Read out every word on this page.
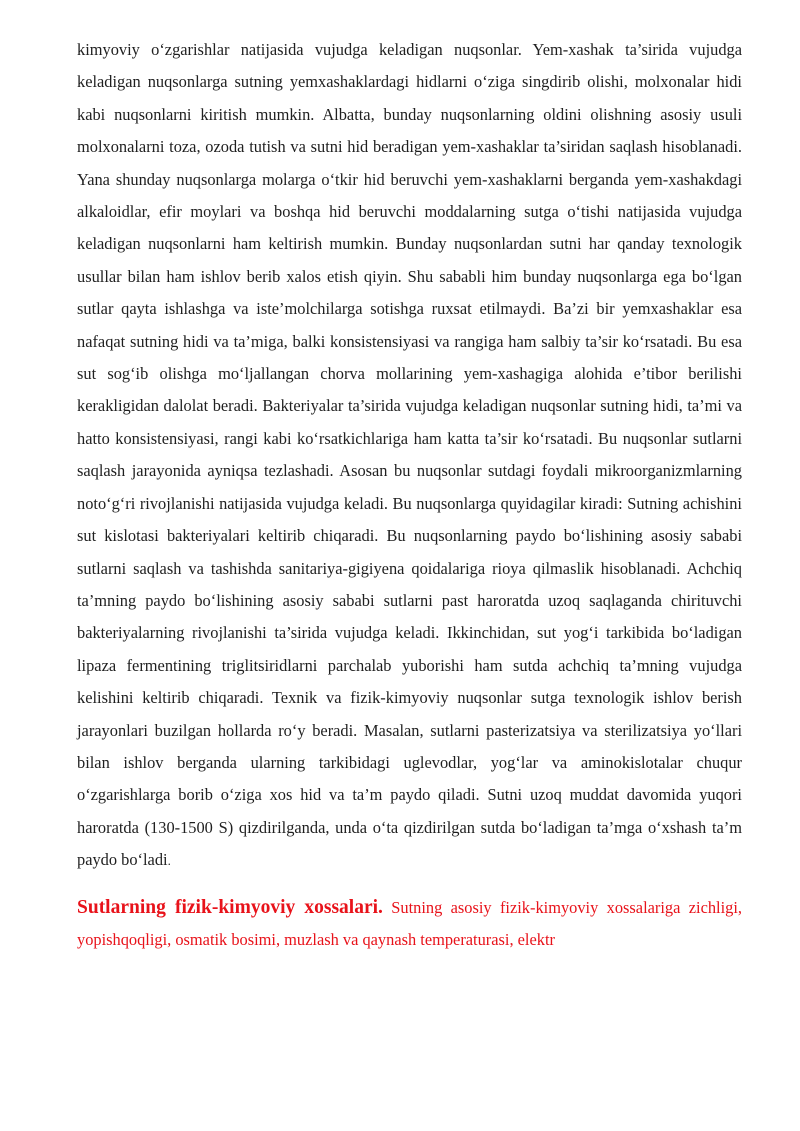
kimyoviy o‘zgarishlar natijasida vujudga keladigan nuqsonlar. Yem-xashak ta’sirida vujudga keladigan nuqsonlarga sutning yemxashaklardagi hidlarni o‘ziga singdirib olishi, molxonalar hidi kabi nuqsonlarni kiritish mumkin. Albatta, bunday nuqsonlarning oldini olishning asosiy usuli molxonalarni toza, ozoda tutish va sutni hid beradigan yem-xashaklar ta’siridan saqlash hisoblanadi. Yana shunday nuqsonlarga molarga o‘tkir hid beruvchi yem-xashaklarni berganda yem-xashakdagi alkaloidlar, efir moylari va boshqa hid beruvchi moddalarning sutga o‘tishi natijasida vujudga keladigan nuqsonlarni ham keltirish mumkin. Bunday nuqsonlardan sutni har qanday texnologik usullar bilan ham ishlov berib xalos etish qiyin. Shu sababli him bunday nuqsonlarga ega bo‘lgan sutlar qayta ishlashga va iste’molchilarga sotishga ruxsat etilmaydi. Ba’zi bir yemxashaklar esa nafaqat sutning hidi va ta’miga, balki konsistensiyasi va rangiga ham salbiy ta’sir ko‘rsatadi. Bu esa sut sog‘ib olishga mo‘ljallangan chorva mollarining yem-xashagiga alohida e’tibor berilishi kerakligidan dalolat beradi. Bakteriyalar ta’sirida vujudga keladigan nuqsonlar sutning hidi, ta’mi va hatto konsistensiyasi, rangi kabi ko‘rsatkichlariga ham katta ta’sir ko‘rsatadi. Bu nuqsonlar sutlarni saqlash jarayonida ayniqsa tezlashadi. Asosan bu nuqsonlar sutdagi foydali mikroorganizmlarning noto‘g‘ri rivojlanishi natijasida vujudga keladi. Bu nuqsonlarga quyidagilar kiradi: Sutning achishini sut kislotasi bakteriyalari keltirib chiqaradi. Bu nuqsonlarning paydo bo‘lishining asosiy sababi sutlarni saqlash va tashishda sanitariya-gigiyena qoidalariga rioya qilmaslik hisoblanadi. Achchiq ta’mning paydo bo‘lishining asosiy sababi sutlarni past haroratda uzoq saqlaganda chirituvchi bakteriyalarning rivojlanishi ta’sirida vujudga keladi. Ikkinchidan, sut yog‘i tarkibida bo‘ladigan lipaza fermentining triglitsiridlarni parchalab yuborishi ham sutda achchiq ta’mning vujudga kelishini keltirib chiqaradi. Texnik va fizik-kimyoviy nuqsonlar sutga texnologik ishlov berish jarayonlari buzilgan hollarda ro‘y beradi. Masalan, sutlarni pasterizatsiya va sterilizatsiya yo‘llari bilan ishlov berganda ularning tarkibidagi uglevodlar, yog‘lar va aminokislotalar chuqur o‘zgarishlarga borib o‘ziga xos hid va ta’m paydo qiladi. Sutni uzoq muddat davomida yuqori haroratda (130-1500 S) qizdirilganda, unda o‘ta qizdirilgan sutda bo‘ladigan ta’mga o‘xshash ta’m paydo bo‘ladi.

Sutlarning fizik-kimyoviy xossalari. Sutning asosiy fizik-kimyoviy xossalariga zichligi, yopishqoqligi, osmatik bosimi, muzlash va qaynash temperaturasi, elektr
